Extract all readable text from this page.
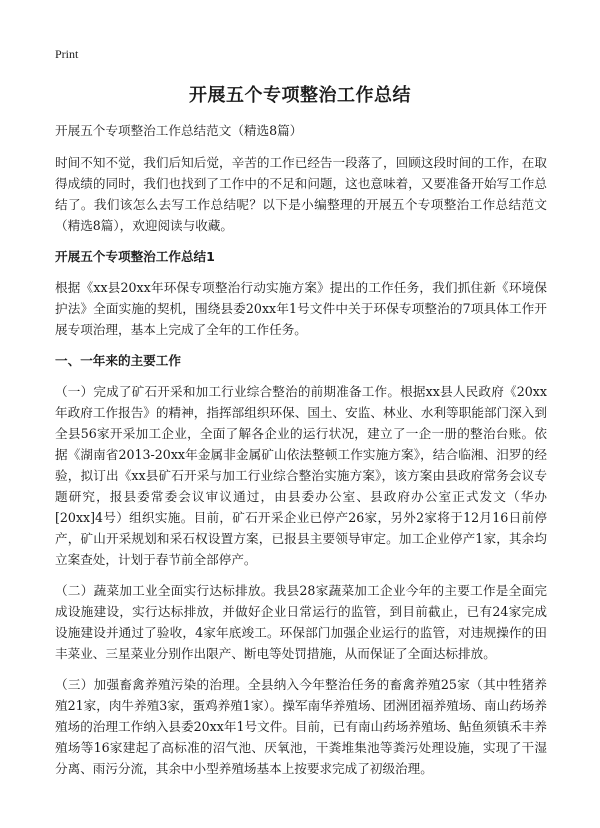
Print
开展五个专项整治工作总结

开展五个专项整治工作总结范文（精选8篇）

时间不知不觉，我们后知后觉，辛苦的工作已经告一段落了，回顾这段时间的工作，在取得成绩的同时，我们也找到了工作中的不足和问题，这也意味着，又要准备开始写工作总结了。我们该怎么去写工作总结呢？以下是小编整理的开展五个专项整治工作总结范文（精选8篇），欢迎阅读与收藏。

开展五个专项整治工作总结1

根据《xx县20xx年环保专项整治行动实施方案》提出的工作任务，我们抓住新《环境保护法》全面实施的契机，围绕县委20xx年1号文件中关于环保专项整治的7项具体工作开展专项治理，基本上完成了全年的工作任务。

一、一年来的主要工作

（一）完成了矿石开采和加工行业综合整治的前期准备工作。根据xx县人民政府《20xx年政府工作报告》的精神，指挥部组织环保、国土、安监、林业、水利等职能部门深入到全县56家开采加工企业，全面了解各企业的运行状况，建立了一企一册的整治台账。依据《湖南省2013-20xx年金属非金属矿山依法整顿工作实施方案》，结合临湘、汨罗的经验，拟订出《xx县矿石开采与加工行业综合整治实施方案》，该方案由县政府常务会议专题研究，报县委常委会议审议通过，由县委办公室、县政府办公室正式发文（华办[20xx]4号）组织实施。目前，矿石开采企业已停产26家，另外2家将于12月16日前停产，矿山开采规划和采石权设置方案，已报县主要领导审定。加工企业停产1家，其余均立案查处，计划于春节前全部停产。

（二）蔬菜加工业全面实行达标排放。我县28家蔬菜加工企业今年的主要工作是全面完成设施建设，实行达标排放，并做好企业日常运行的监管，到目前截止，已有24家完成设施建设并通过了验收，4家年底竣工。环保部门加强企业运行的监管，对违规操作的田丰菜业、三星菜业分别作出限产、断电等处罚措施，从而保证了全面达标排放。

（三）加强畜禽养殖污染的治理。全县纳入今年整治任务的畜禽养殖25家（其中牲猪养殖21家，肉牛养殖3家，蛋鸡养殖1家）。操军南华养殖场、团洲团福养殖场、南山药场养殖场的治理工作纳入县委20xx年1号文件。目前，已有南山药场养殖场、鲇鱼须镇禾丰养殖场等16家建起了高标准的沼气池、厌氧池，干粪堆集池等粪污处理设施，实现了干湿分离、雨污分流，其余中小型养殖场基本上按要求完成了初级治理。
